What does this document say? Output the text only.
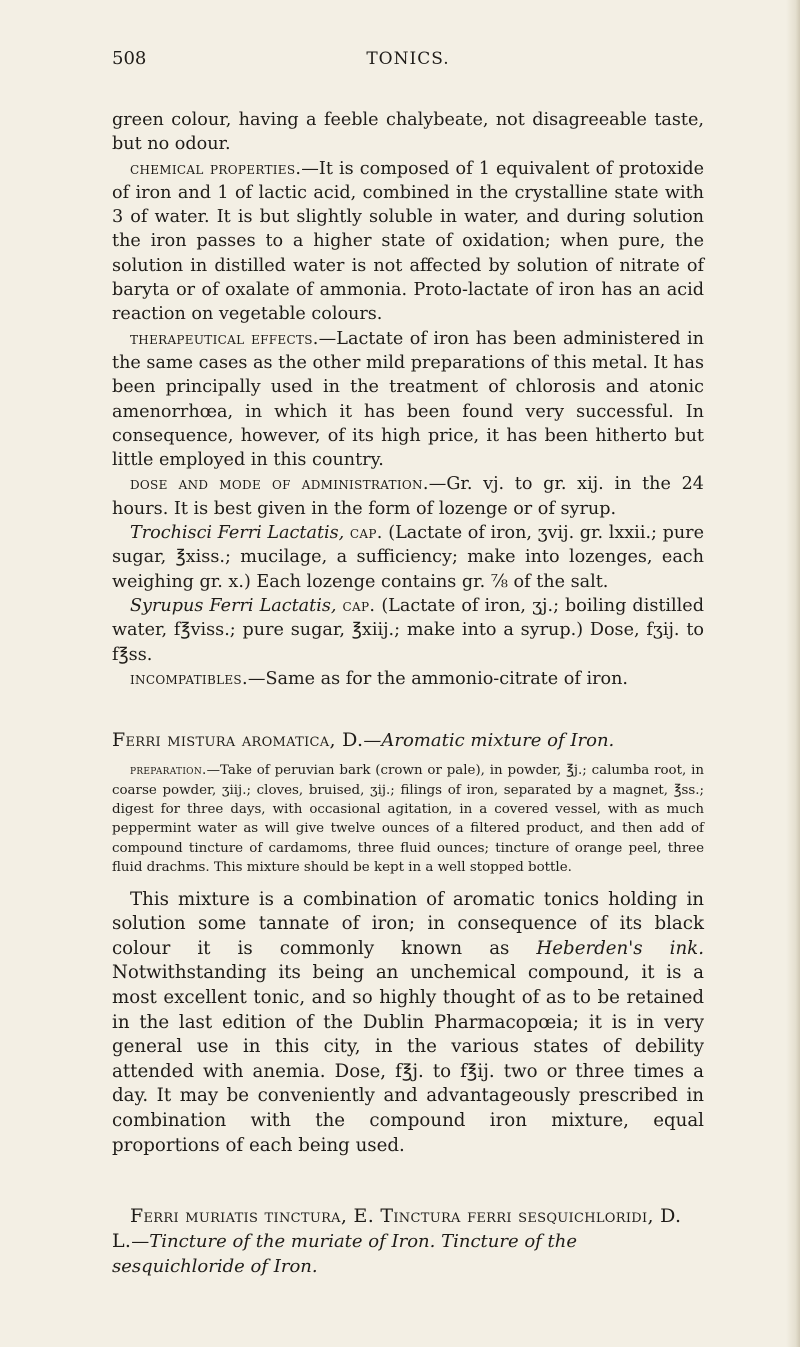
508	TONICS.

green colour, having a feeble chalybeate, not disagreeable taste, but no odour.

chemical properties.—It is composed of 1 equivalent of protoxide of iron and 1 of lactic acid, combined in the crystalline state with 3 of water. It is but slightly soluble in water, and during solution the iron passes to a higher state of oxidation; when pure, the solution in distilled water is not affected by solution of nitrate of baryta or of oxalate of ammonia. Proto-lactate of iron has an acid reaction on vegetable colours.

therapeutical effects.—Lactate of iron has been administered in the same cases as the other mild preparations of this metal. It has been principally used in the treatment of chlorosis and atonic amenorrhœa, in which it has been found very successful. In consequence, however, of its high price, it has been hitherto but little employed in this country.

dose and mode of administration.—Gr. vj. to gr. xij. in the 24 hours. It is best given in the form of lozenge or of syrup.

Trochisci Ferri Lactatis, cap. (Lactate of iron, ʒvij. gr. lxxii.; pure sugar, ℥xiss.; mucilage, a sufficiency; make into lozenges, each weighing gr. x.) Each lozenge contains gr. ⅞ of the salt.

Syrupus Ferri Lactatis, cap. (Lactate of iron, ʒj.; boiling distilled water, f℥viss.; pure sugar, ℥xiij.; make into a syrup.) Dose, fʒij. to f℥ss.

incompatibles.—Same as for the ammonio-citrate of iron.

Ferri mistura aromatica, D.—Aromatic mixture of Iron.

preparation.—Take of peruvian bark (crown or pale), in powder, ℥j.; calumba root, in coarse powder, ʒiij.; cloves, bruised, ʒij.; filings of iron, separated by a magnet, ℥ss.; digest for three days, with occasional agitation, in a covered vessel, with as much peppermint water as will give twelve ounces of a filtered product, and then add of compound tincture of cardamoms, three fluid ounces; tincture of orange peel, three fluid drachms. This mixture should be kept in a well stopped bottle.

This mixture is a combination of aromatic tonics holding in solution some tannate of iron; in consequence of its black colour it is commonly known as Heberden's ink. Notwithstanding its being an unchemical compound, it is a most excellent tonic, and so highly thought of as to be retained in the last edition of the Dublin Pharmacopœia; it is in very general use in this city, in the various states of debility attended with anemia. Dose, f℥j. to f℥ij. two or three times a day. It may be conveniently and advantageously prescribed in combination with the compound iron mixture, equal proportions of each being used.

Ferri muriatis tinctura, E. Tinctura ferri sesquichloridi, D. L.—Tincture of the muriate of Iron. Tincture of the sesquichloride of Iron.
